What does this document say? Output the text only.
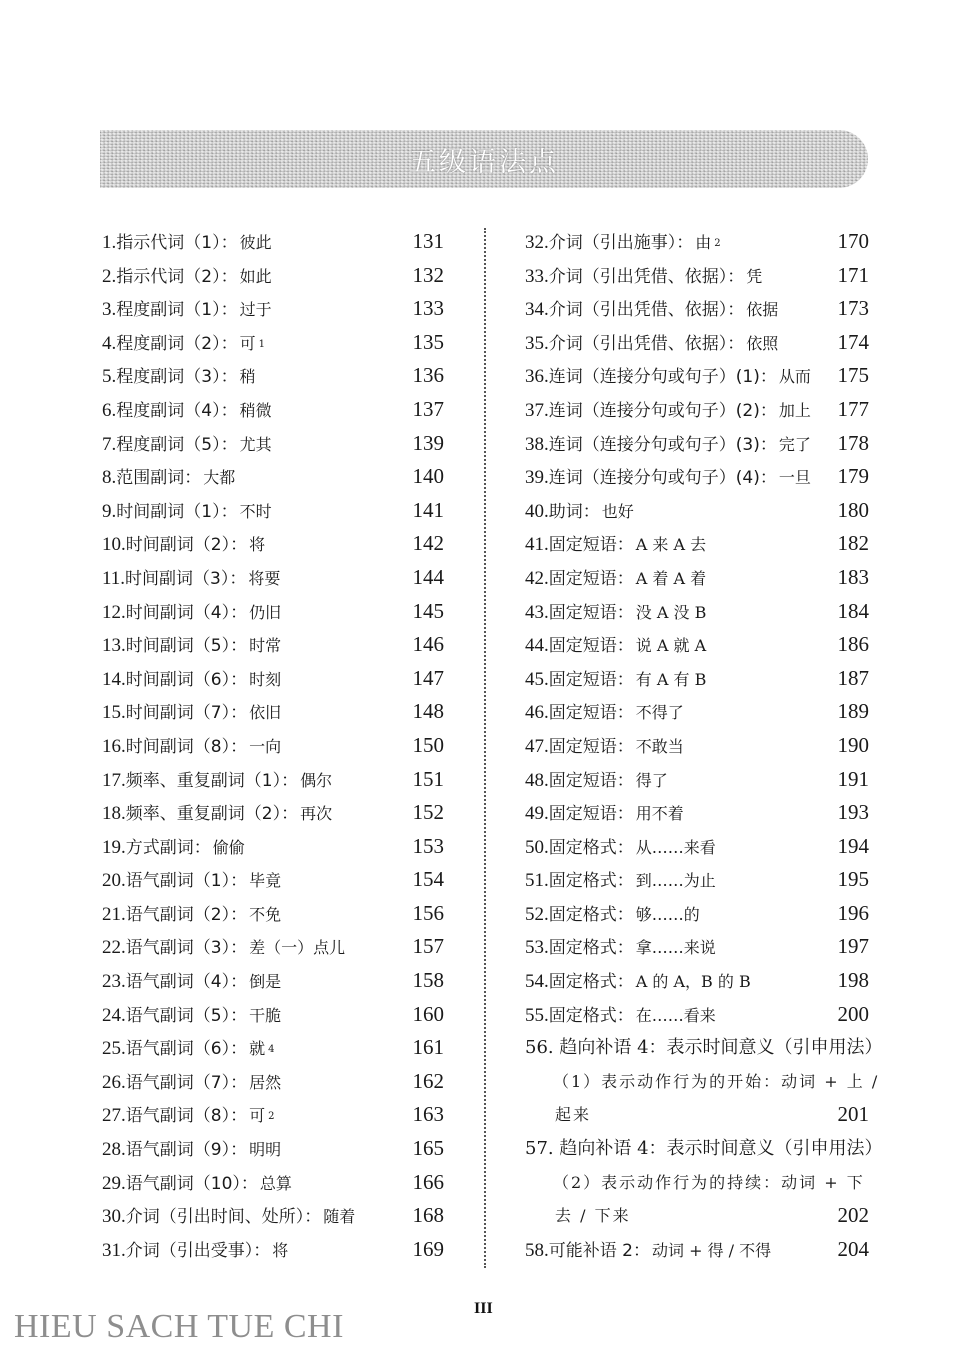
五级语法点
1. 指示代词（1）： 彼此	131
2. 指示代词（2）： 如此	132
3. 程度副词（1）： 过于	133
4. 程度副词（2）： 可 $^1$	135
5. 程度副词（3）： 稍	136
6. 程度副词（4）： 稍微	137
7. 程度副词（5）： 尤其	139
8. 范围副词： 大都	140
9. 时间副词（1）： 不时	141
10. 时间副词（2）： 将	142
11. 时间副词（3）： 将要	144
12. 时间副词（4）： 仍旧	145
13. 时间副词（5）： 时常	146
14. 时间副词（6）： 时刻	147
15. 时间副词（7）： 依旧	148
16. 时间副词（8）： 一向	150
17. 频率、重复副词（1）： 偶尔	151
18. 频率、重复副词（2）： 再次	152
19. 方式副词： 偷偷	153
20. 语气副词（1）： 毕竟	154
21. 语气副词（2）： 不免	156
22. 语气副词（3）： 差（一）点儿	157
23. 语气副词（4）： 倒是	158
24. 语气副词（5）： 干脆	160
25. 语气副词（6）： 就 $^4$	161
26. 语气副词（7）： 居然	162
27. 语气副词（8）： 可 $^2$	163
28. 语气副词（9）： 明明	165
29. 语气副词（10）： 总算	166
30. 介词（引出时间、处所）： 随着	168
31. 介词（引出受事）： 将	169
32. 介词（引出施事）： 由 $^2$	170
33. 介词（引出凭借、依据）： 凭	171
34. 介词（引出凭借、依据）： 依据	173
35. 介词（引出凭借、依据）： 依照	174
36. 连词（连接分句或句子）(1)： 从而 175
37. 连词（连接分句或句子）(2)： 加上 177
38. 连词（连接分句或句子）(3)： 完了 178
39. 连词（连接分句或句子）(4)： 一旦 179
40. 助词： 也好	180
41. 固定短语： A 来 A 去	182
42. 固定短语： A 着 A 着	183
43. 固定短语： 没 A 没 B	184
44. 固定短语： 说 A 就 A	186
45. 固定短语： 有 A 有 B	187
46. 固定短语： 不得了	189
47. 固定短语： 不敢当	190
48. 固定短语： 得了	191
49. 固定短语： 用不着	193
50. 固定格式： 从……来看	194
51. 固定格式： 到……为止	195
52. 固定格式： 够……的	196
53. 固定格式： 拿……来说	197
54. 固定格式： A 的 A，B 的 B	198
55. 固定格式： 在……看来	200
56. 趋向补语 4：表示时间意义（引申用法）
（1）表示动作行为的开始：动词 + 上 /
起来	201
57. 趋向补语 4：表示时间意义（引申用法）
（2）表示动作行为的持续：动词 + 下
去 / 下来	202
58. 可能补语 2： 动词 + 得 / 不得	204
III
HIEU SACH TUE CHI
